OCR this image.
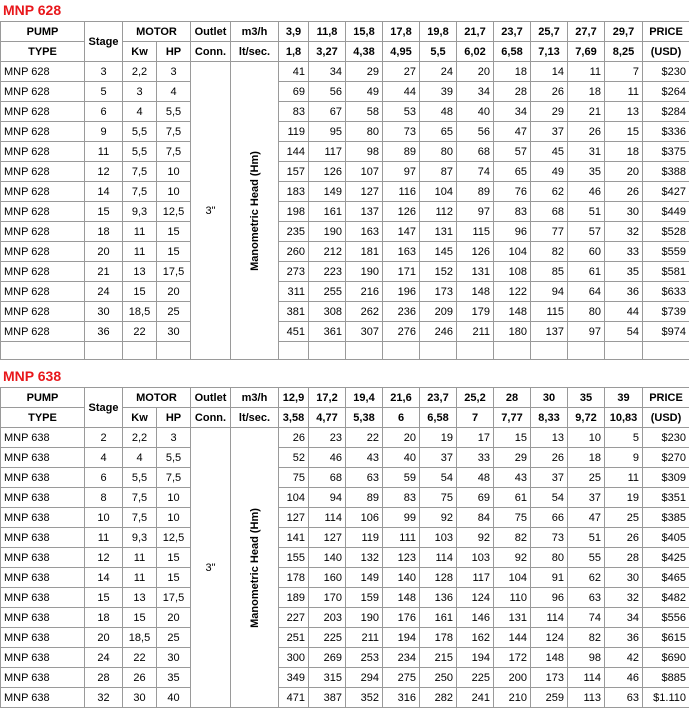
MNP 628
PUMP	Stage	MOTOR		Outlet	m3/h	3,9	11,8	15,8	17,8	19,8	21,7	23,7	25,7	27,7	29,7	PRICE
TYPE		Kw	HP	Conn.	lt/sec.	1,8	3,27	4,38	4,95	5,5	6,02	6,58	7,13	7,69	8,25	(USD)
MNP 628	3	2,2	3	3"	Manometric Head (Hm)	41	34	29	27	24	20	18	14	11	7	$230
MNP 628	5	3	4			69	56	49	44	39	34	28	26	18	11	$264
MNP 628	6	4	5,5			83	67	58	53	48	40	34	29	21	13	$284
MNP 628	9	5,5	7,5			119	95	80	73	65	56	47	37	26	15	$336
MNP 628	11	5,5	7,5			144	117	98	89	80	68	57	45	31	18	$375
MNP 628	12	7,5	10			157	126	107	97	87	74	65	49	35	20	$388
MNP 628	14	7,5	10			183	149	127	116	104	89	76	62	46	26	$427
MNP 628	15	9,3	12,5			198	161	137	126	112	97	83	68	51	30	$449
MNP 628	18	11	15			235	190	163	147	131	115	96	77	57	32	$528
MNP 628	20	11	15			260	212	181	163	145	126	104	82	60	33	$559
MNP 628	21	13	17,5			273	223	190	171	152	131	108	85	61	35	$581
MNP 628	24	15	20			311	255	216	196	173	148	122	94	64	36	$633
MNP 628	30	18,5	25			381	308	262	236	209	179	148	115	80	44	$739
MNP 628	36	22	30			451	361	307	276	246	211	180	137	97	54	$974

MNP 638
PUMP	Stage	MOTOR		Outlet	m3/h	12,9	17,2	19,4	21,6	23,7	25,2	28	30	35	39	PRICE
TYPE		Kw	HP	Conn.	lt/sec.	3,58	4,77	5,38	6	6,58	7	7,77	8,33	9,72	10,83	(USD)
MNP 638	2	2,2	3	3"	Manometric Head (Hm)	26	23	22	20	19	17	15	13	10	5	$230
MNP 638	4	4	5,5			52	46	43	40	37	33	29	26	18	9	$270
MNP 638	6	5,5	7,5			75	68	63	59	54	48	43	37	25	11	$309
MNP 638	8	7,5	10			104	94	89	83	75	69	61	54	37	19	$351
MNP 638	10	7,5	10			127	114	106	99	92	84	75	66	47	25	$385
MNP 638	11	9,3	12,5			141	127	119	111	103	92	82	73	51	26	$405
MNP 638	12	11	15			155	140	132	123	114	103	92	80	55	28	$425
MNP 638	14	11	15			178	160	149	140	128	117	104	91	62	30	$465
MNP 638	15	13	17,5			189	170	159	148	136	124	110	96	63	32	$482
MNP 638	18	15	20			227	203	190	176	161	146	131	114	74	34	$556
MNP 638	20	18,5	25			251	225	211	194	178	162	144	124	82	36	$615
MNP 638	24	22	30			300	269	253	234	215	194	172	148	98	42	$690
MNP 638	28	26	35			349	315	294	275	250	225	200	173	114	46	$885
MNP 638	32	30	40			471	387	352	316	282	241	210	259	113	63	$1.110
